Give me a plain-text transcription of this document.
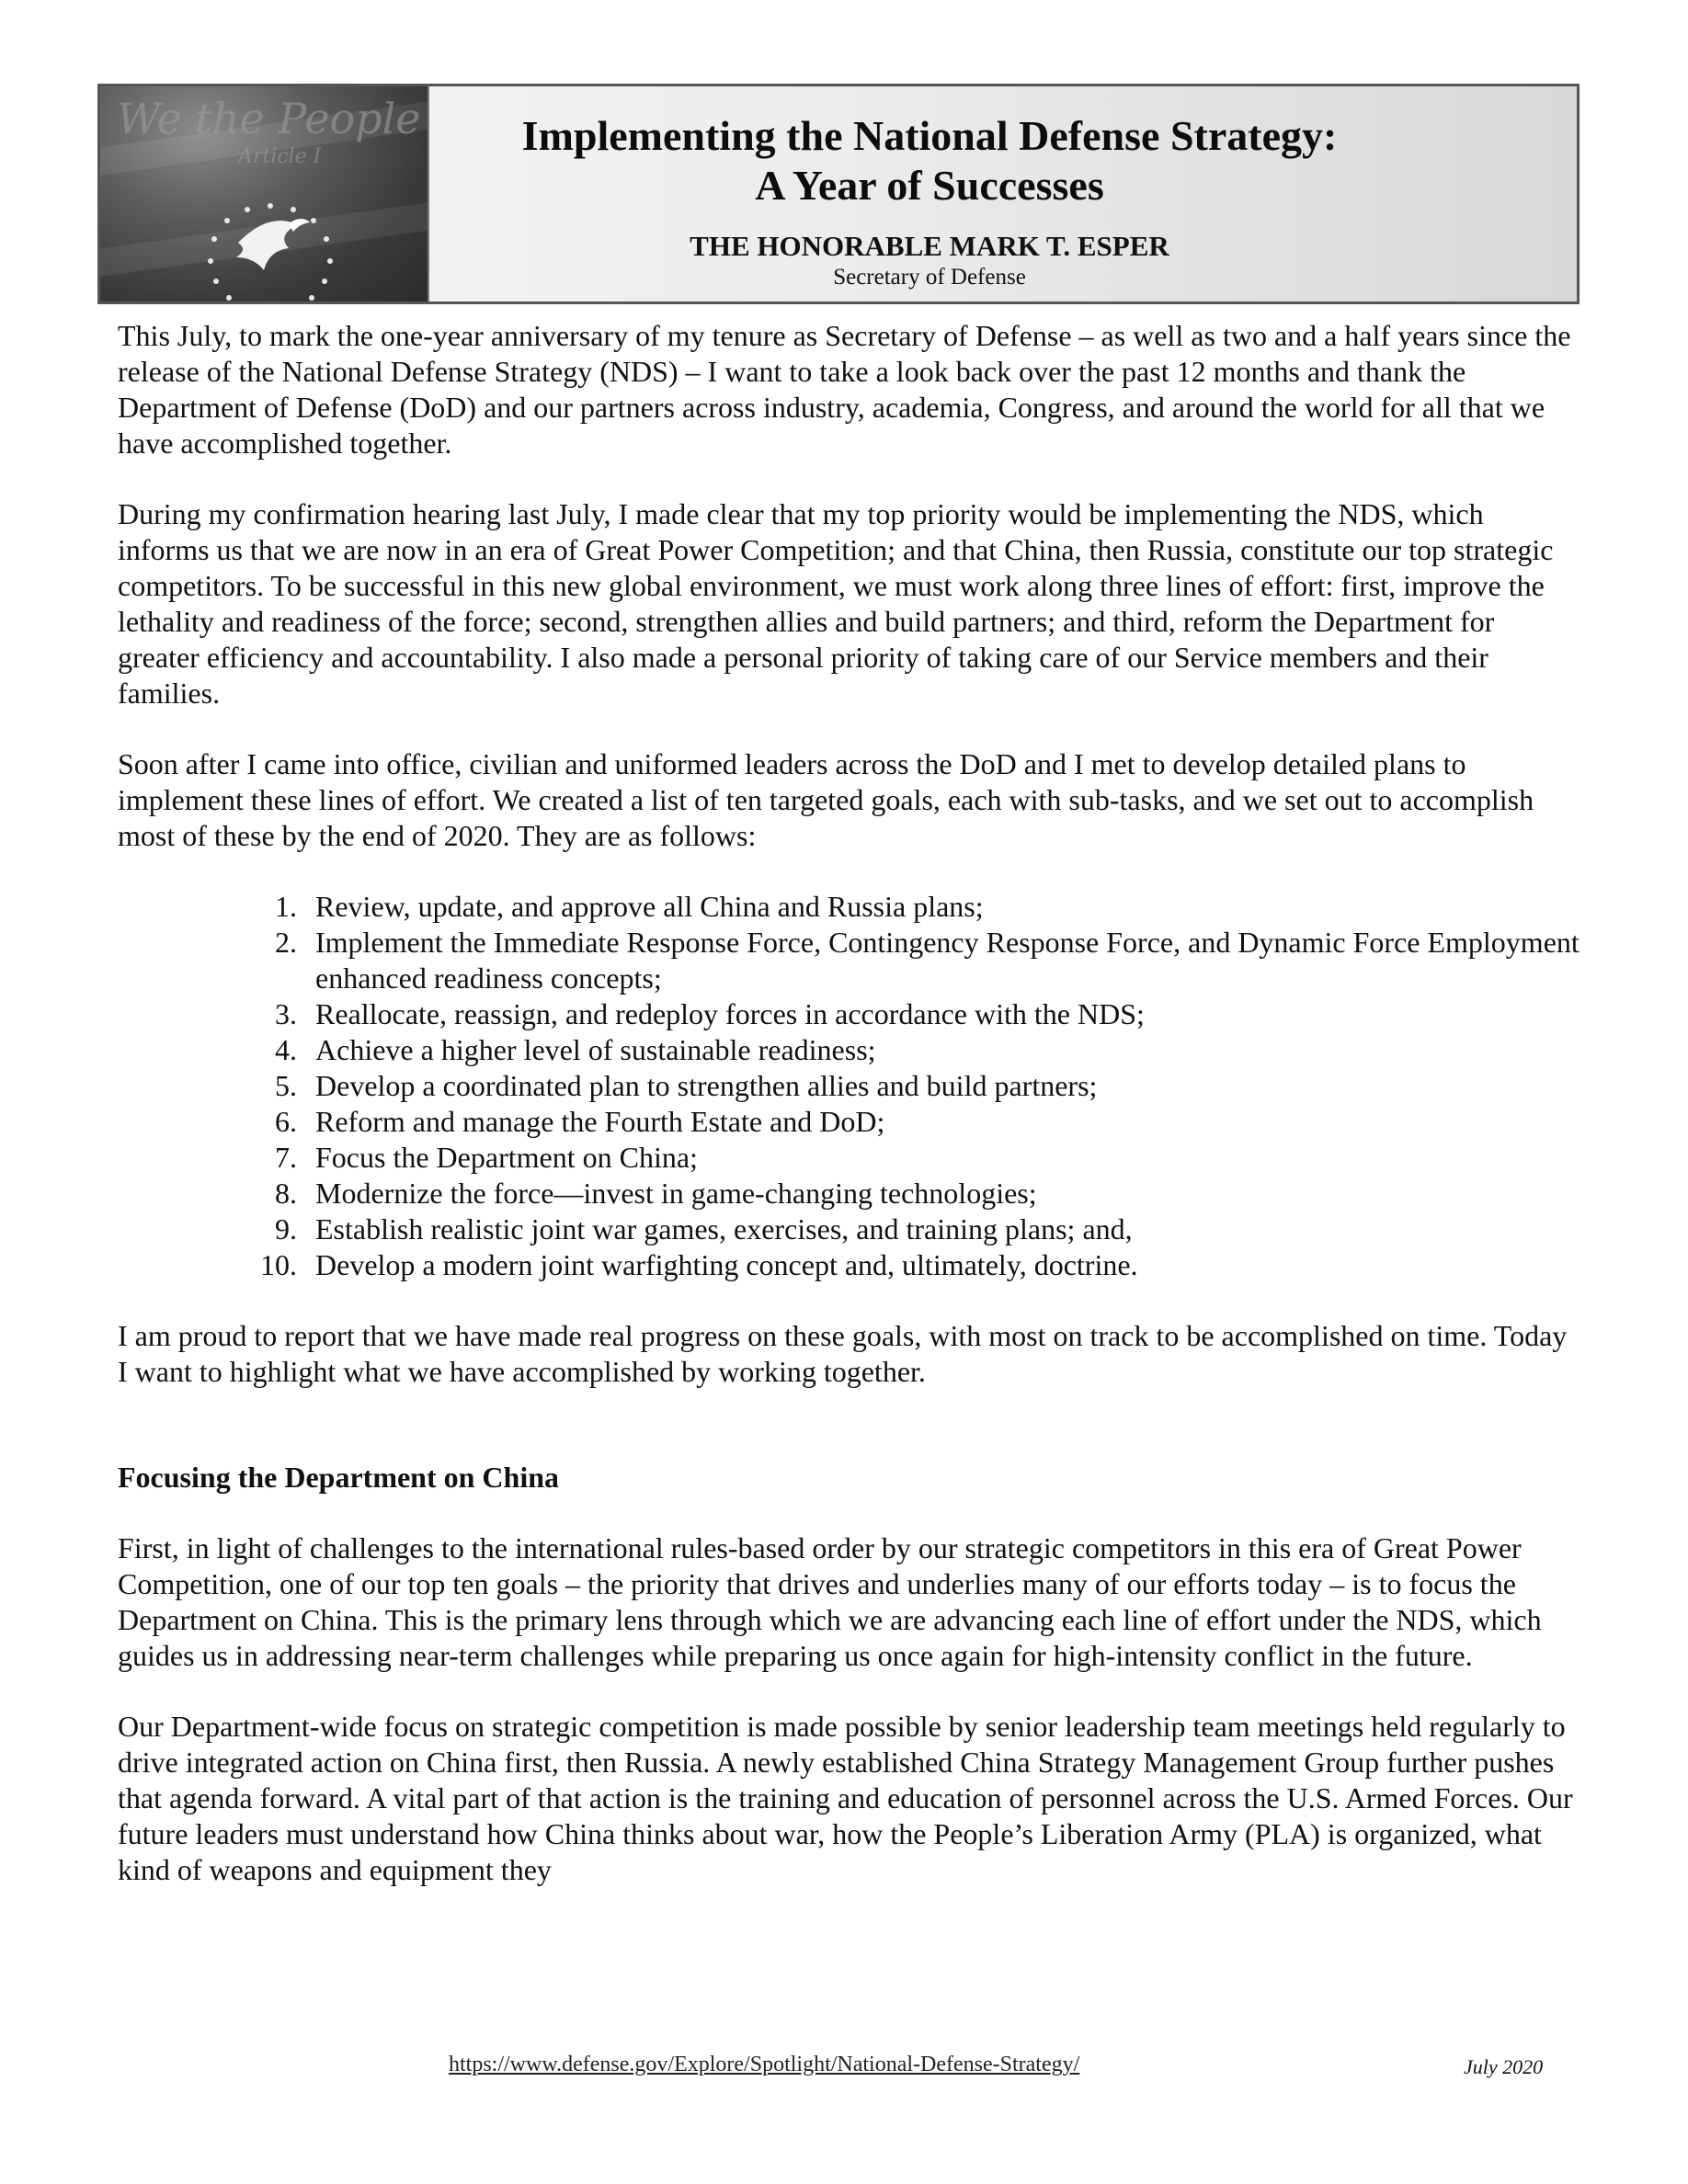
We the People
Article I	Implementing the National Defense Strategy:
A Year of Successes
THE HONORABLE MARK T. ESPER
Secretary of Defense

This July, to mark the one-year anniversary of my tenure as Secretary of Defense – as well as two and a half years since the release of the National Defense Strategy (NDS) – I want to take a look back over the past 12 months and thank the Department of Defense (DoD) and our partners across industry, academia, Congress, and around the world for all that we have accomplished together.

During my confirmation hearing last July, I made clear that my top priority would be implementing the NDS, which informs us that we are now in an era of Great Power Competition; and that China, then Russia, constitute our top strategic competitors. To be successful in this new global environment, we must work along three lines of effort: first, improve the lethality and readiness of the force; second, strengthen allies and build partners; and third, reform the Department for greater efficiency and accountability. I also made a personal priority of taking care of our Service members and their families.

Soon after I came into office, civilian and uniformed leaders across the DoD and I met to develop detailed plans to implement these lines of effort. We created a list of ten targeted goals, each with sub-tasks, and we set out to accomplish most of these by the end of 2020. They are as follows:

1. Review, update, and approve all China and Russia plans;
2. Implement the Immediate Response Force, Contingency Response Force, and Dynamic Force Employment enhanced readiness concepts;
3. Reallocate, reassign, and redeploy forces in accordance with the NDS;
4. Achieve a higher level of sustainable readiness;
5. Develop a coordinated plan to strengthen allies and build partners;
6. Reform and manage the Fourth Estate and DoD;
7. Focus the Department on China;
8. Modernize the force—invest in game-changing technologies;
9. Establish realistic joint war games, exercises, and training plans; and,
10. Develop a modern joint warfighting concept and, ultimately, doctrine.

I am proud to report that we have made real progress on these goals, with most on track to be accomplished on time. Today I want to highlight what we have accomplished by working together.

Focusing the Department on China

First, in light of challenges to the international rules-based order by our strategic competitors in this era of Great Power Competition, one of our top ten goals – the priority that drives and underlies many of our efforts today – is to focus the Department on China. This is the primary lens through which we are advancing each line of effort under the NDS, which guides us in addressing near-term challenges while preparing us once again for high-intensity conflict in the future.

Our Department-wide focus on strategic competition is made possible by senior leadership team meetings held regularly to drive integrated action on China first, then Russia. A newly established China Strategy Management Group further pushes that agenda forward. A vital part of that action is the training and education of personnel across the U.S. Armed Forces. Our future leaders must understand how China thinks about war, how the People’s Liberation Army (PLA) is organized, what kind of weapons and equipment they

https://www.defense.gov/Explore/Spotlight/National-Defense-Strategy/	July 2020
